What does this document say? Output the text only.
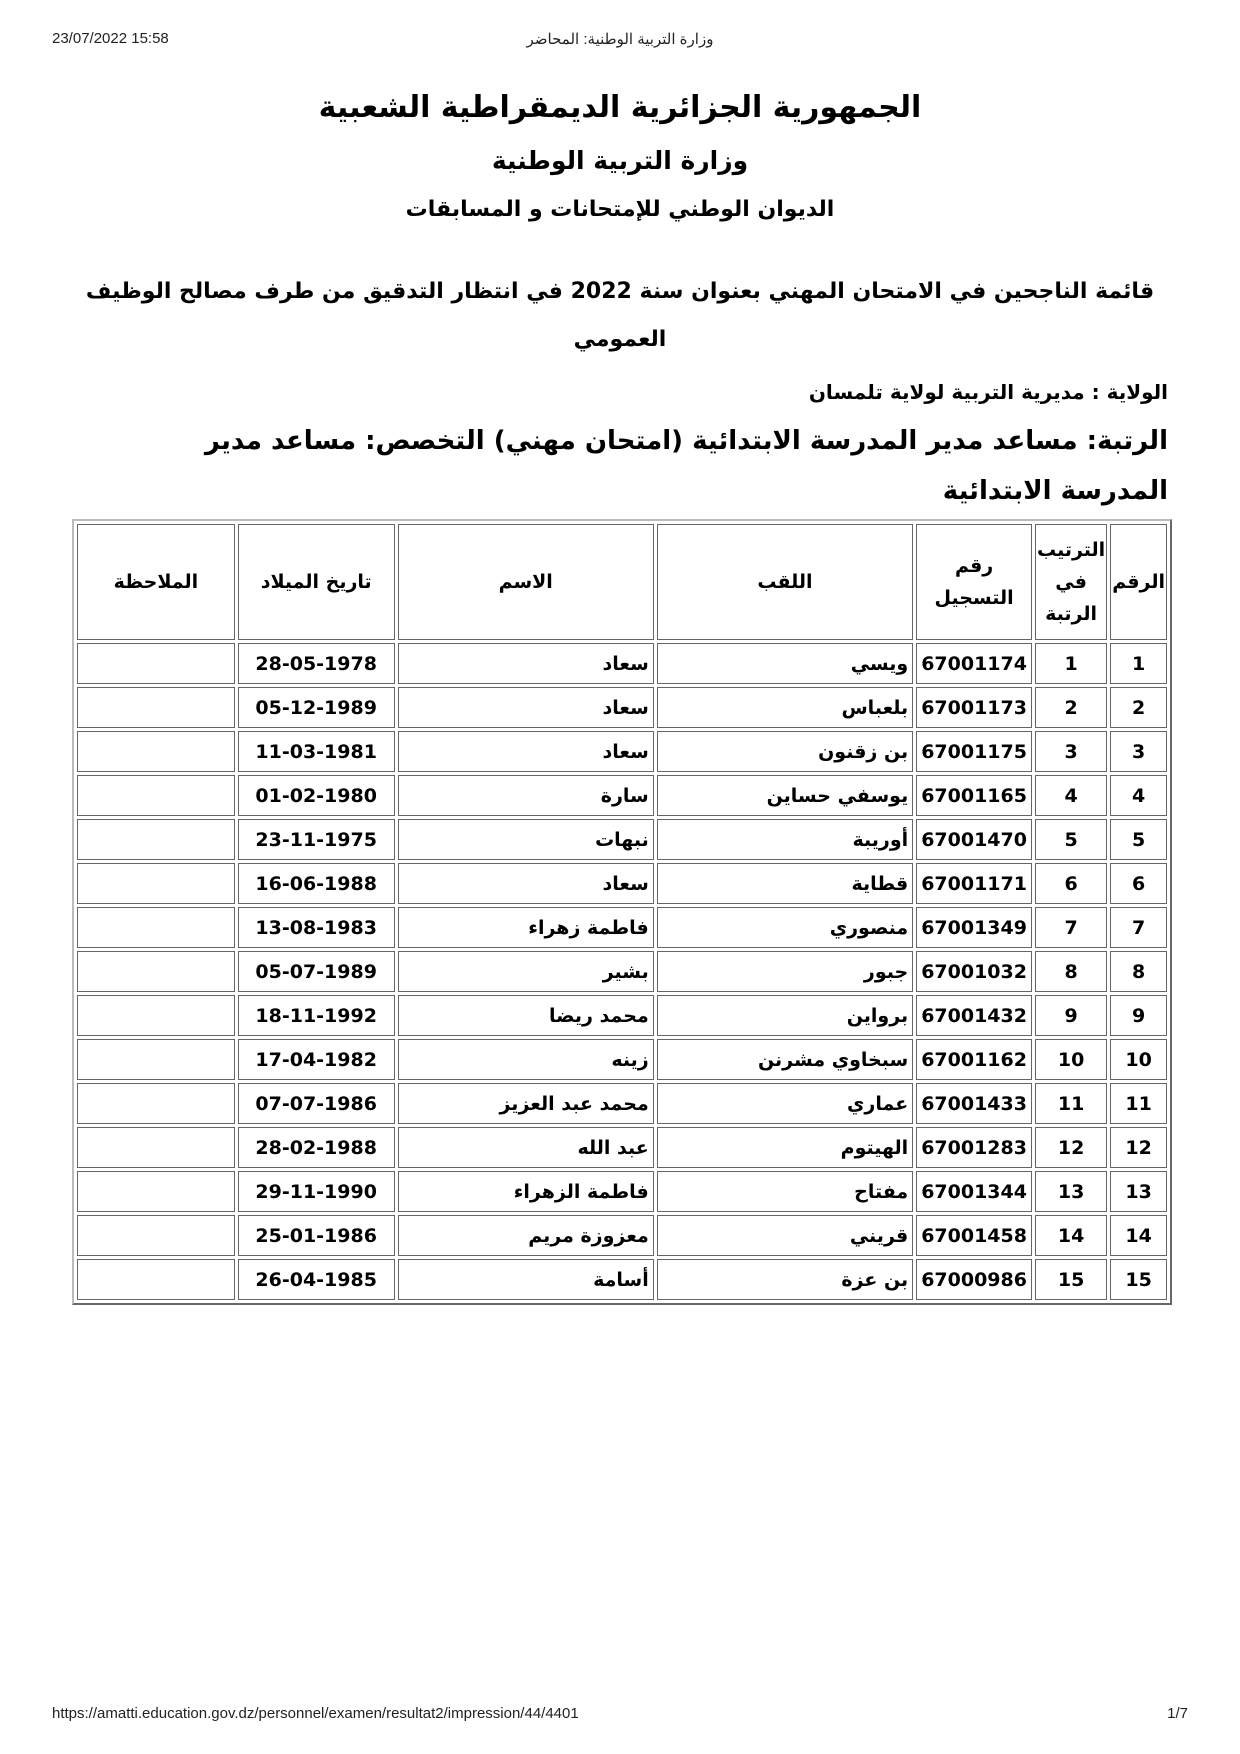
23/07/2022 15:58	وزارة التربية الوطنية: المحاضر
الجمهورية الجزائرية الديمقراطية الشعبية
وزارة التربية الوطنية
الديوان الوطني للإمتحانات و المسابقات
قائمة الناجحين في الامتحان المهني بعنوان سنة 2022 في انتظار التدقيق من طرف مصالح الوظيف العمومي
الولاية : مديرية التربية لولاية تلمسان
الرتبة: مساعد مدير المدرسة الابتدائية (امتحان مهني) التخصص: مساعد مدير المدرسة الابتدائية
الرقم	الترتيب في الرتبة	رقم التسجيل	اللقب	الاسم	تاريخ الميلاد	الملاحظة
1	1	67001174	ويسي	سعاد	28-05-1978	
2	2	67001173	بلعباس	سعاد	05-12-1989	
3	3	67001175	بن زقنون	سعاد	11-03-1981	
4	4	67001165	يوسفي حساين	سارة	01-02-1980	
5	5	67001470	أوريبة	نبهات	23-11-1975	
6	6	67001171	قطاية	سعاد	16-06-1988	
7	7	67001349	منصوري	فاطمة زهراء	13-08-1983	
8	8	67001032	جبور	بشير	05-07-1989	
9	9	67001432	برواين	محمد ريضا	18-11-1992	
10	10	67001162	سبخاوي مشرنن	زينه	17-04-1982	
11	11	67001433	عماري	محمد عبد العزيز	07-07-1986	
12	12	67001283	الهيتوم	عبد الله	28-02-1988	
13	13	67001344	مفتاح	فاطمة الزهراء	29-11-1990	
14	14	67001458	قريني	معزوزة مريم	25-01-1986	
15	15	67000986	بن عزة	أسامة	26-04-1985	
https://amatti.education.gov.dz/personnel/examen/resultat2/impression/44/4401	1/7
